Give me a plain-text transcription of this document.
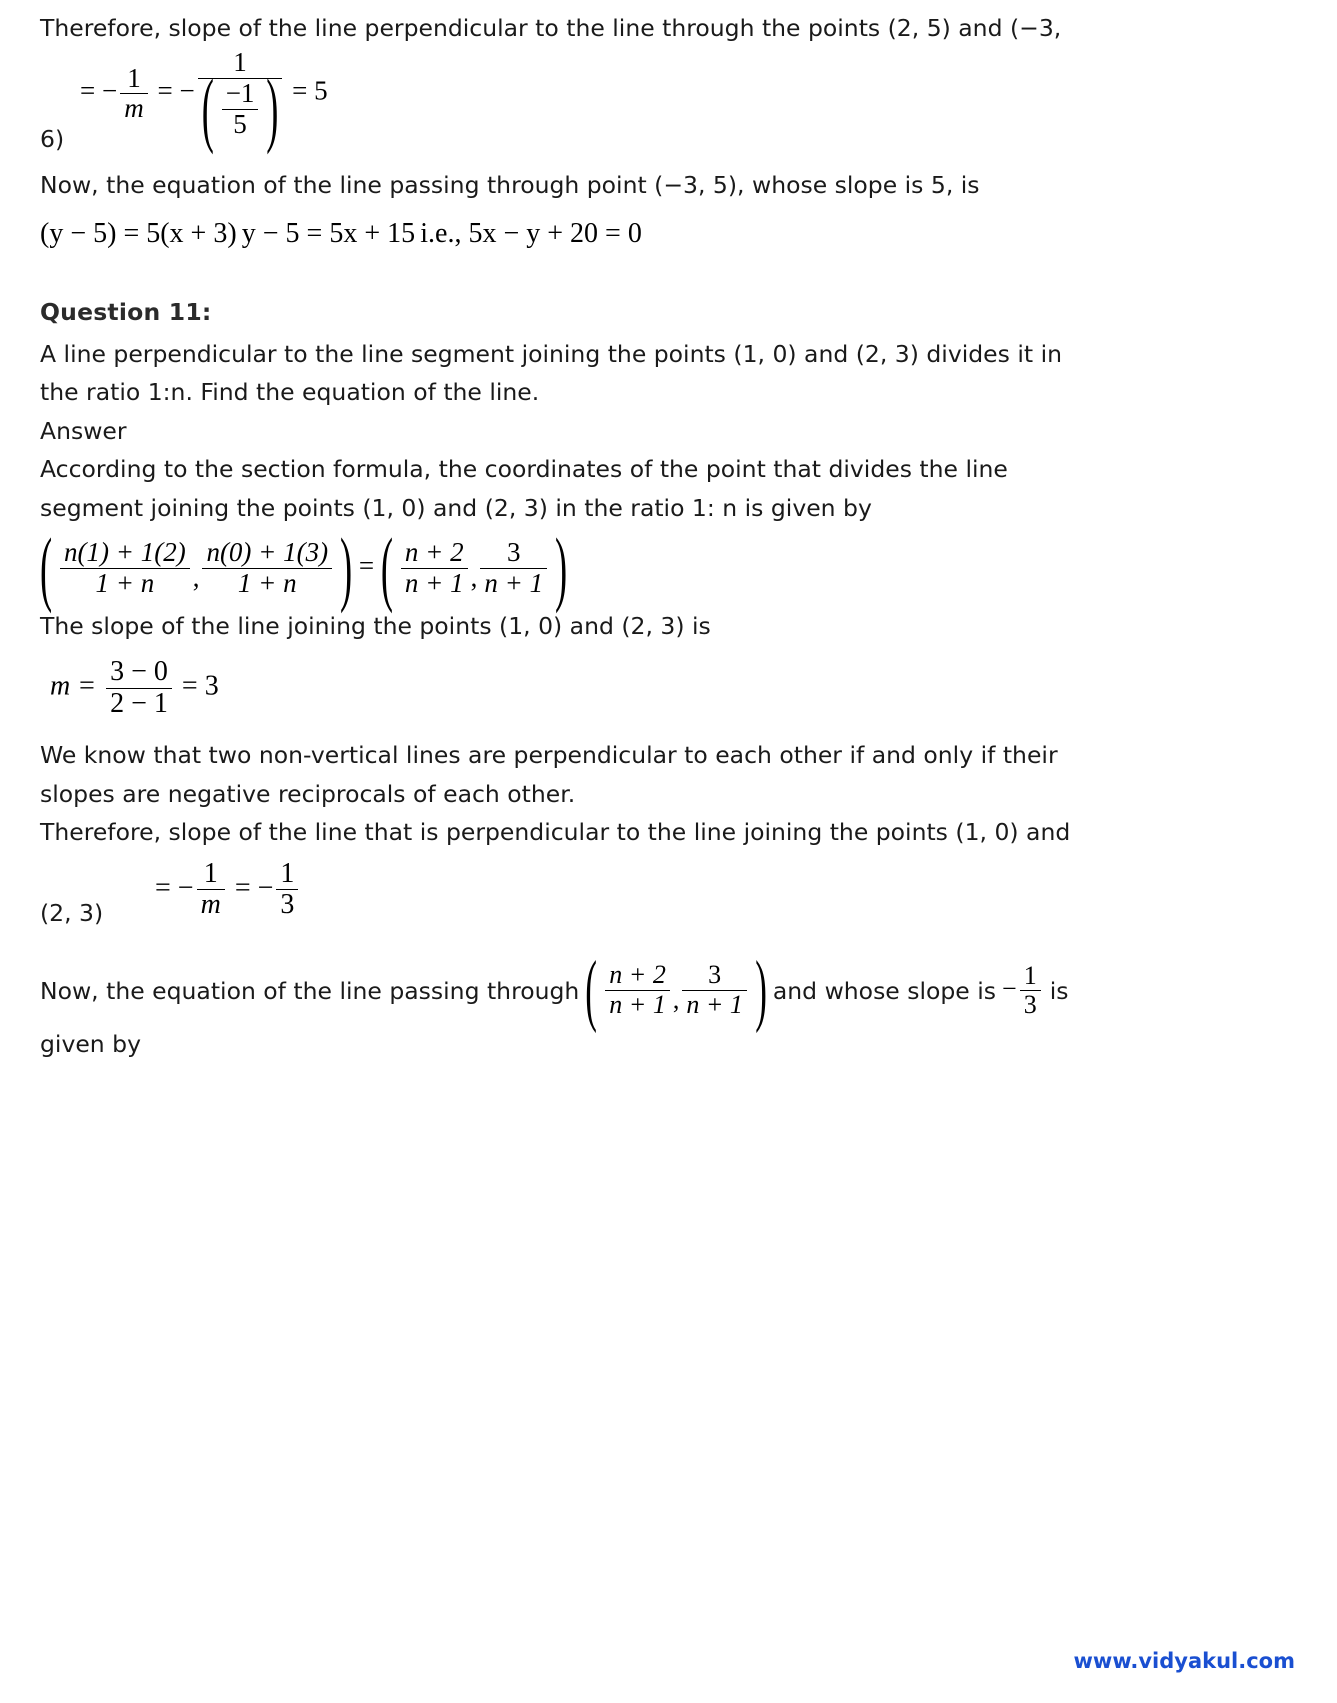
Therefore, slope of the line perpendicular to the line through the points (2, 5) and (−3,

6)
= − $\frac{1}{m}$ = − 1
( $\frac{-1}{5}$
) = 5

Now, the equation of the line passing through point (−3, 5), whose slope is 5, is

(y − 5) = 5(x + 3) y − 5 = 5x + 15 i.e., 5x − y + 20 = 0
Question 11:

A line perpendicular to the line segment joining the points (1, 0) and (2, 3) divides it in

the ratio 1:n. Find the equation of the line.

Answer

According to the section formula, the coordinates of the point that divides the line

segment joining the points (1, 0) and (2, 3) in the ratio 1: n is given by

( $\frac{n(1) + 1(2)}{1 + n}$ , $\frac{n(0) + 1(3)}{1 + n}$
) = ( $\frac{n + 2}{n + 1}$ , $\frac{3}{n + 1}$
)

The slope of the line joining the points (1, 0) and (2, 3) is

$m = \frac{3 - 0}{2 - 1} = 3$

We know that two non-vertical lines are perpendicular to each other if and only if their

slopes are negative reciprocals of each other.

Therefore, slope of the line that is perpendicular to the line joining the points (1, 0) and

(2, 3)
= − $\frac{1}{m}$ = − $\frac{1}{3}$
Now, the equation of the line passing through ( $\frac{n + 2}{n + 1}$ , $\frac{3}{n + 1}$
) and whose slope is − $\frac{1}{3}$ is

given by

www.vidyakul.com
